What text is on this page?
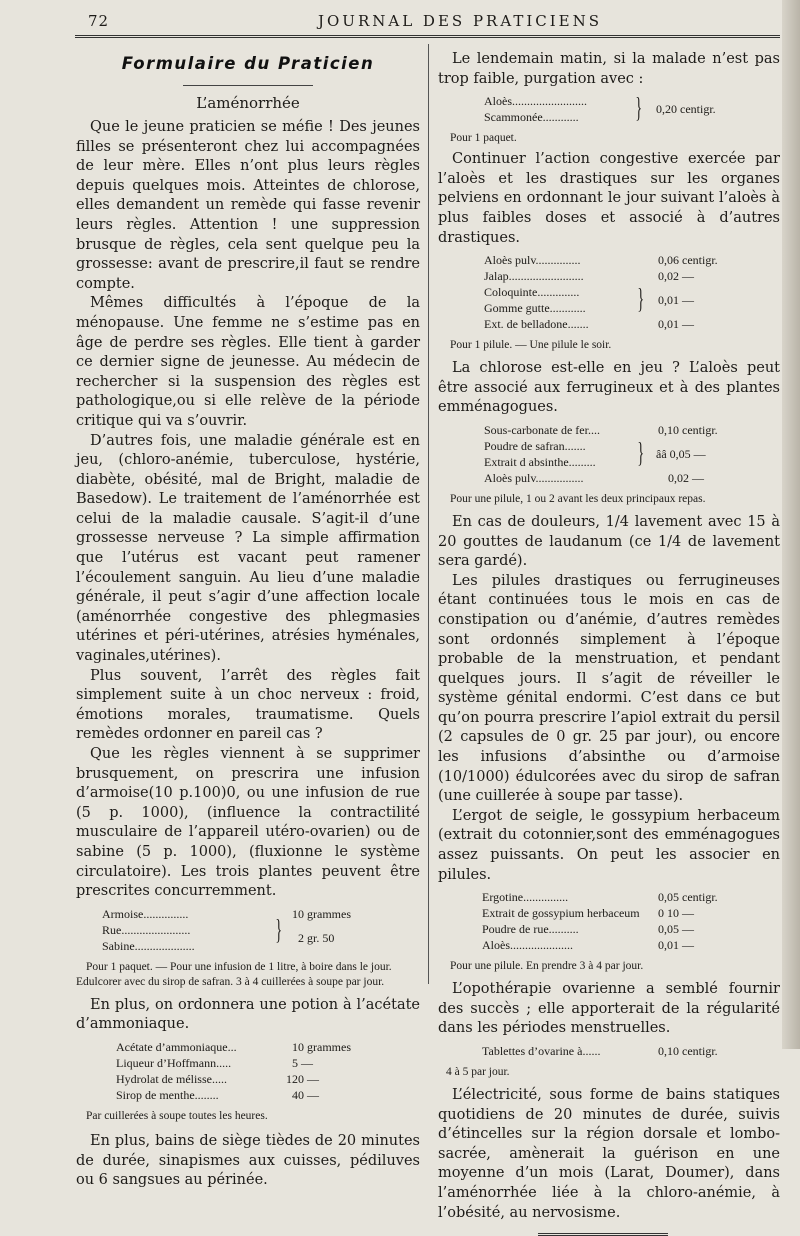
72	JOURNAL DES PRATICIENS
Formulaire du Praticien
L’aménorrhée

Que le jeune praticien se méfie ! Des jeunes filles se présenteront chez lui accompagnées de leur mère. Elles n’ont plus leurs règles depuis quelques mois. Atteintes de chlorose, elles demandent un remède qui fasse revenir leurs règles. Attention ! une suppression brusque de règles, cela sent quelque peu la grossesse: avant de prescrire,il faut se rendre compte.

Mêmes difficultés à l’époque de la ménopause. Une femme ne s’estime pas en âge de perdre ses règles. Elle tient à garder ce dernier signe de jeunesse. Au médecin de rechercher si la suspension des règles est pathologique,ou si elle relève de la période critique qui va s’ouvrir.

D’autres fois, une maladie générale est en jeu, (chloro-anémie, tuberculose, hystérie, diabète, obésité, mal de Bright, maladie de Basedow). Le traitement de l’aménorrhée est celui de la maladie causale. S’agit-il d’une grossesse nerveuse ? La simple affirmation que l’utérus est vacant peut ramener l’écoulement sanguin. Au lieu d’une maladie générale, il peut s’agir d’une affection locale (aménorrhée congestive des phlegmasies utérines et péri-utérines, atrésies hyménales, vaginales,utérines).

Plus souvent, l’arrêt des règles fait simplement suite à un choc nerveux : froid, émotions morales, traumatisme. Quels remèdes ordonner en pareil cas ?

Que les règles viennent à se supprimer brusquement, on prescrira une infusion d’armoise(10 p.100)0, ou une infusion de rue (5 p. 1000), (influence la contractilité musculaire de l’appareil utéro-ovarien) ou de sabine (5 p. 1000), (fluxionne le système circulatoire). Les trois plantes peuvent être prescrites concurremment.

Armoise...............	10 grammes
Rue.......................
Sabine....................	} 2 gr. 50
Pour 1 paquet. — Pour une infusion de 1 litre, à boire dans le jour. Edulcorer avec du sirop de safran. 3 à 4 cuillerées à soupe par jour.

En plus, on ordonnera une potion à l’acétate d’ammoniaque.

Acétate d’ammoniaque...	10 grammes
Liqueur d’Hoffmann.....	5 —
Hydrolat de mélisse.....	120 —
Sirop de menthe........	40 —
Par cuillerées à soupe toutes les heures.

En plus, bains de siège tièdes de 20 minutes de durée, sinapismes aux cuisses, pédiluves ou 6 sangsues au périnée.

Le lendemain matin, si la malade n’est pas trop faible, purgation avec :

Aloès.........................
Scammonée............ } 0,20 centigr.
Pour 1 paquet.

Continuer l’action congestive exercée par l’aloès et les drastiques sur les organes pelviens en ordonnant le jour suivant l’aloès à plus faibles doses et associé à d’autres drastiques.

Aloès pulv...............	0,06 centigr.
Jalap.........................	0,02 —
Coloquinte..............
Gomme gutte............ } 0,01 —
Ext. de belladone.......	0,01 —
Pour 1 pilule. — Une pilule le soir.

La chlorose est-elle en jeu ? L’aloès peut être associé aux ferrugineux et à des plantes emménagogues.

Sous-carbonate de fer....	0,10 centigr.
Poudre de safran.......
Extrait d absinthe......... } ââ 0,05 —
Aloès pulv................	0,02 —
Pour une pilule, 1 ou 2 avant les deux principaux repas.

En cas de douleurs, 1/4 lavement avec 15 à 20 gouttes de laudanum (ce 1/4 de lavement sera gardé).

Les pilules drastiques ou ferrugineuses étant continuées tous le mois en cas de constipation ou d’anémie, d’autres remèdes sont ordonnés simplement à l’époque probable de la menstruation, et pendant quelques jours. Il s’agit de réveiller le système génital endormi. C’est dans ce but qu’on pourra prescrire l’apiol extrait du persil (2 capsules de 0 gr. 25 par jour), ou encore les infusions d’absinthe ou d’armoise (10/1000) édulcorées avec du sirop de safran (une cuillerée à soupe par tasse).

L’ergot de seigle, le gossypium herbaceum (extrait du cotonnier,sont des emménagogues assez puissants. On peut les associer en pilules.

Ergotine...............	0,05 centigr.
Extrait de gossypium herbaceum 0 10 —
Poudre de rue..........	0,05 —
Aloès.....................	0,01 —
Pour une pilule. En prendre 3 à 4 par jour.

L’opothérapie ovarienne a semblé fournir des succès ; elle apporterait de la régularité dans les périodes menstruelles.

Tablettes d’ovarine à......	0,10 centigr.
4 à 5 par jour.

L’électricité, sous forme de bains statiques quotidiens de 20 minutes de durée, suivis d’étincelles sur la région dorsale et lombo-sacrée, amènerait la guérison en une moyenne d’un mois (Larat, Doumer), dans l’aménorrhée liée à la chloro-anémie, à l’obésité, au nervosisme.
